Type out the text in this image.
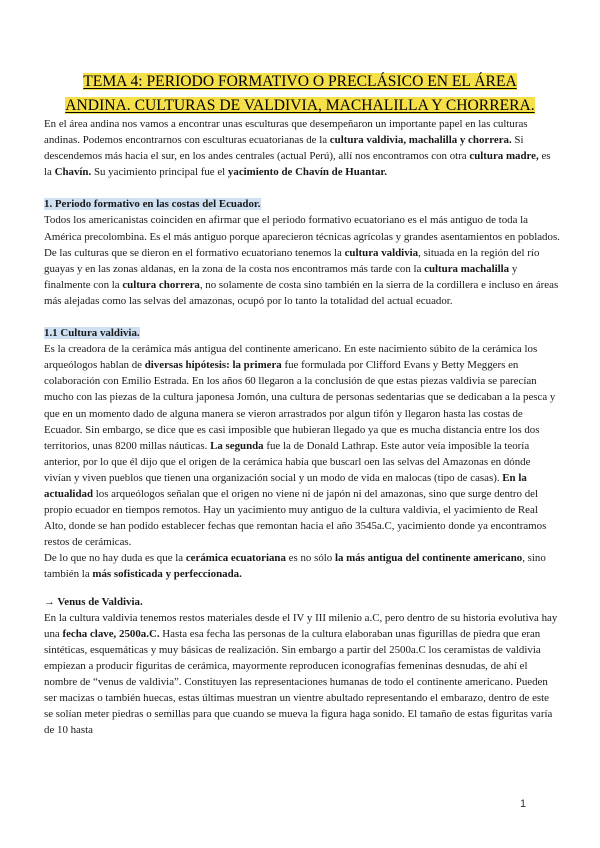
TEMA 4: PERIODO FORMATIVO O PRECLÁSICO EN EL ÁREA
ANDINA. CULTURAS DE VALDIVIA, MACHALILLA Y CHORRERA.

En el área andina nos vamos a encontrar unas esculturas que desempeñaron un importante papel en las culturas andinas. Podemos encontrarnos con esculturas ecuatorianas de la cultura valdivia, machalilla y chorrera. Si descendemos más hacia el sur, en los andes centrales (actual Perú), allí nos encontramos con otra cultura madre, es la Chavín. Su yacimiento principal fue el yacimiento de Chavín de Huantar.

1. Periodo formativo en las costas del Ecuador.

Todos los americanistas coinciden en afirmar que el periodo formativo ecuatoriano es el más antiguo de toda la América precolombina. Es el más antiguo porque aparecieron técnicas agrícolas y grandes asentamientos en poblados. De las culturas que se dieron en el formativo ecuatoriano tenemos la cultura valdivia, situada en la región del río guayas y en las zonas aldanas, en la zona de la costa nos encontramos más tarde con la cultura machalilla y finalmente con la cultura chorrera, no solamente de costa sino también en la sierra de la cordillera e incluso en áreas más alejadas como las selvas del amazonas, ocupó por lo tanto la totalidad del actual ecuador.

1.1 Cultura valdivia.

Es la creadora de la cerámica más antigua del continente americano. En este nacimiento súbito de la cerámica los arqueólogos hablan de diversas hipótesis: la primera fue formulada por Clifford Evans y Betty Meggers en colaboración con Emilio Estrada. En los años 60 llegaron a la conclusión de que estas piezas valdivia se parecían mucho con las piezas de la cultura japonesa Jomón, una cultura de personas sedentarias que se dedicaban a la pesca y que en un momento dado de alguna manera se vieron arrastrados por algun tifón y llegaron hasta las costas de Ecuador. Sin embargo, se dice que es casi imposible que hubieran llegado ya que es mucha distancia entre los dos territorios, unas 8200 millas náuticas. La segunda fue la de Donald Lathrap. Este autor veía imposible la teoría anterior, por lo que él dijo que el origen de la cerámica había que buscarl oen las selvas del Amazonas en dónde vivían y viven pueblos que tienen una organización social y un modo de vida en malocas (tipo de casas). En la actualidad los arqueólogos señalan que el origen no viene ni de japón ni del amazonas, sino que surge dentro del propio ecuador en tiempos remotos. Hay un yacimiento muy antiguo de la cultura valdivia, el yacimiento de Real Alto, donde se han podido establecer fechas que remontan hacia el año 3545a.C, yacimiento donde ya encontramos restos de cerámicas.

De lo que no hay duda es que la cerámica ecuatoriana es no sólo la más antigua del continente americano, sino también la más sofisticada y perfeccionada.

→ Venus de Valdivia.

En la cultura valdivia tenemos restos materiales desde el IV y III milenio a.C, pero dentro de su historia evolutiva hay una fecha clave, 2500a.C. Hasta esa fecha las personas de la cultura elaboraban unas figurillas de piedra que eran sintéticas, esquemáticas y muy básicas de realización. Sin embargo a partir del 2500a.C los ceramistas de valdivia empiezan a producir figuritas de cerámica, mayormente reproducen iconografías femeninas desnudas, de ahí el nombre de “venus de valdivia”. Constituyen las representaciones humanas de todo el continente americano. Pueden ser macizas o también huecas, estas últimas muestran un vientre abultado representando el embarazo, dentro de este se solían meter piedras o semillas para que cuando se mueva la figura haga sonido. El tamaño de estas figuritas varía de 10 hasta

1
